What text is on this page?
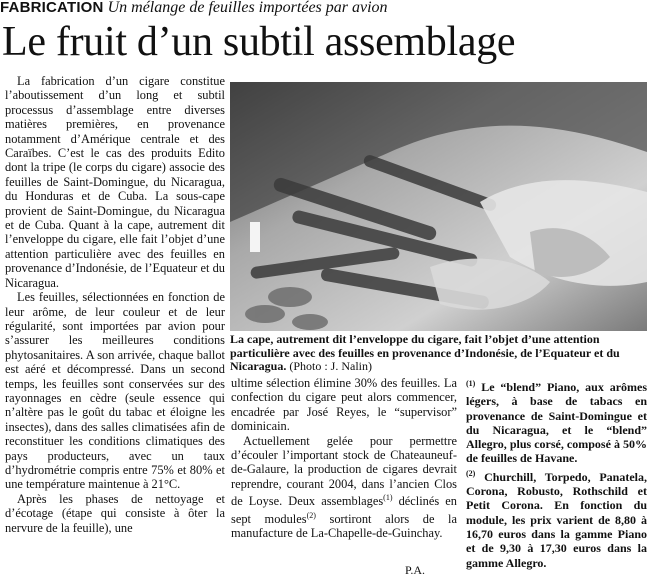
FABRICATION Un mélange de feuilles importées par avion
Le fruit d’un subtil assemblage

La fabrication d’un cigare constitue l’aboutissement d’un long et subtil processus d’assemblage entre diverses matières premières, en provenance notamment d’Amérique centrale et des Caraïbes. C’est le cas des produits Edito dont la tripe (le corps du cigare) associe des feuilles de Saint-Domingue, du Nicaragua, du Honduras et de Cuba. La sous-cape provient de Saint-Domingue, du Nicaragua et de Cuba. Quant à la cape, autrement dit l’enveloppe du cigare, elle fait l’objet d’une attention particulière avec des feuilles en provenance d’Indonésie, de l’Equateur et du Nicaragua.

Les feuilles, sélectionnées en fonction de leur arôme, de leur couleur et de leur régularité, sont importées par avion pour s’assurer les meilleures conditions phytosanitaires. A son arrivée, chaque ballot est aéré et décompressé. Dans un second temps, les feuilles sont conservées sur des rayonnages en cèdre (seule essence qui n’altère pas le goût du tabac et éloigne les insectes), dans des salles climatisées afin de reconstituer les conditions climatiques des pays producteurs, avec un taux d’hydrométrie compris entre 75% et 80% et une température maintenue à 21°C.

Après les phases de nettoyage et d’écotage (étape qui consiste à ôter la nervure de la feuille), une

La cape, autrement dit l’enveloppe du cigare, fait l’objet d’une attention particulière avec des feuilles en provenance d’Indonésie, de l’Equateur et du Nicaragua. (Photo : J. Nalin)

ultime sélection élimine 30% des feuilles. La confection du cigare peut alors commencer, encadrée par José Reyes, le “supervisor” dominicain.

Actuellement gelée pour permettre d’écouler l’important stock de Chateauneuf-de-Galaure, la production de cigares devrait reprendre, courant 2004, dans l’ancien Clos de Loyse. Deux assemblages$^{(1)}$ déclinés en sept modules$^{(2)}$ sortiront alors de la manufacture de La-Chapelle-de-Guinchay.

P.A.

$^{(1)}$ Le “blend” Piano, aux arômes légers, à base de tabacs en provenance de Saint-Domingue et du Nicaragua, et le “blend” Allegro, plus corsé, composé à 50% de feuilles de Havane.

$^{(2)}$ Churchill, Torpedo, Panatela, Corona, Robusto, Rothschild et Petit Corona. En fonction du module, les prix varient de 8,80 à 16,70 euros dans la gamme Piano et de 9,30 à 17,30 euros dans la gamme Allegro.
